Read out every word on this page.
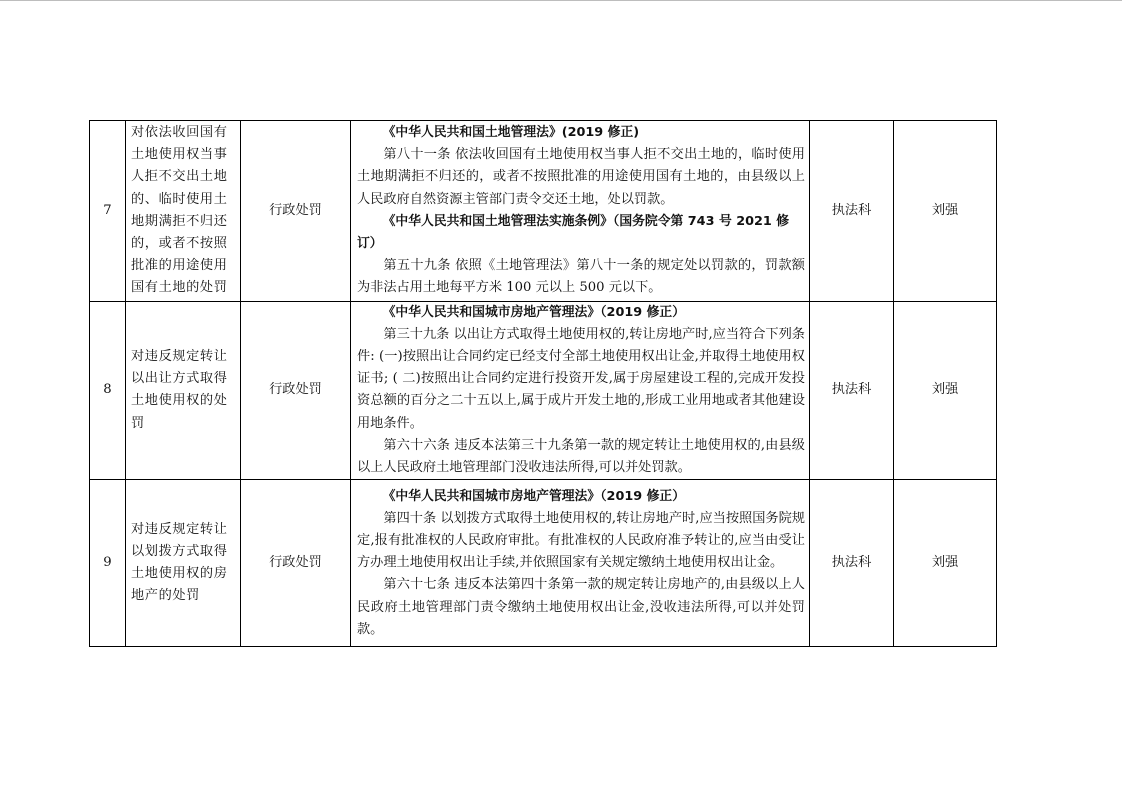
7	对依法收回国有土地使用权当事人拒不交出土地的、临时使用土地期满拒不归还的，或者不按照批准的用途使用国有土地的处罚	行政处罚	《中华人民共和国土地管理法》(2019 修正)
第八十一条 依法收回国有土地使用权当事人拒不交出土地的，临时使用土地期满拒不归还的，或者不按照批准的用途使用国有土地的，由县级以上人民政府自然资源主管部门责令交还土地，处以罚款。
《中华人民共和国土地管理法实施条例》（国务院令第 743 号 2021 修订）
第五十九条 依照《土地管理法》第八十一条的规定处以罚款的，罚款额为非法占用土地每平方米 100 元以上 500 元以下。	执法科	刘强
8	对违反规定转让以出让方式取得土地使用权的处罚	行政处罚	《中华人民共和国城市房地产管理法》（2019 修正）
第三十九条 以出让方式取得土地使用权的,转让房地产时,应当符合下列条件: (一)按照出让合同约定已经支付全部土地使用权出让金,并取得土地使用权证书; ( 二)按照出让合同约定进行投资开发,属于房屋建设工程的,完成开发投资总额的百分之二十五以上,属于成片开发土地的,形成工业用地或者其他建设用地条件。
第六十六条 违反本法第三十九条第一款的规定转让土地使用权的,由县级以上人民政府土地管理部门没收违法所得,可以并处罚款。	执法科	刘强
9	对违反规定转让以划拨方式取得土地使用权的房地产的处罚	行政处罚	《中华人民共和国城市房地产管理法》（2019 修正）
第四十条 以划拨方式取得土地使用权的,转让房地产时,应当按照国务院规定,报有批准权的人民政府审批。有批准权的人民政府准予转让的,应当由受让方办理土地使用权出让手续,并依照国家有关规定缴纳土地使用权出让金。
第六十七条 违反本法第四十条第一款的规定转让房地产的,由县级以上人民政府土地管理部门责令缴纳土地使用权出让金,没收违法所得,可以并处罚款。	执法科	刘强
